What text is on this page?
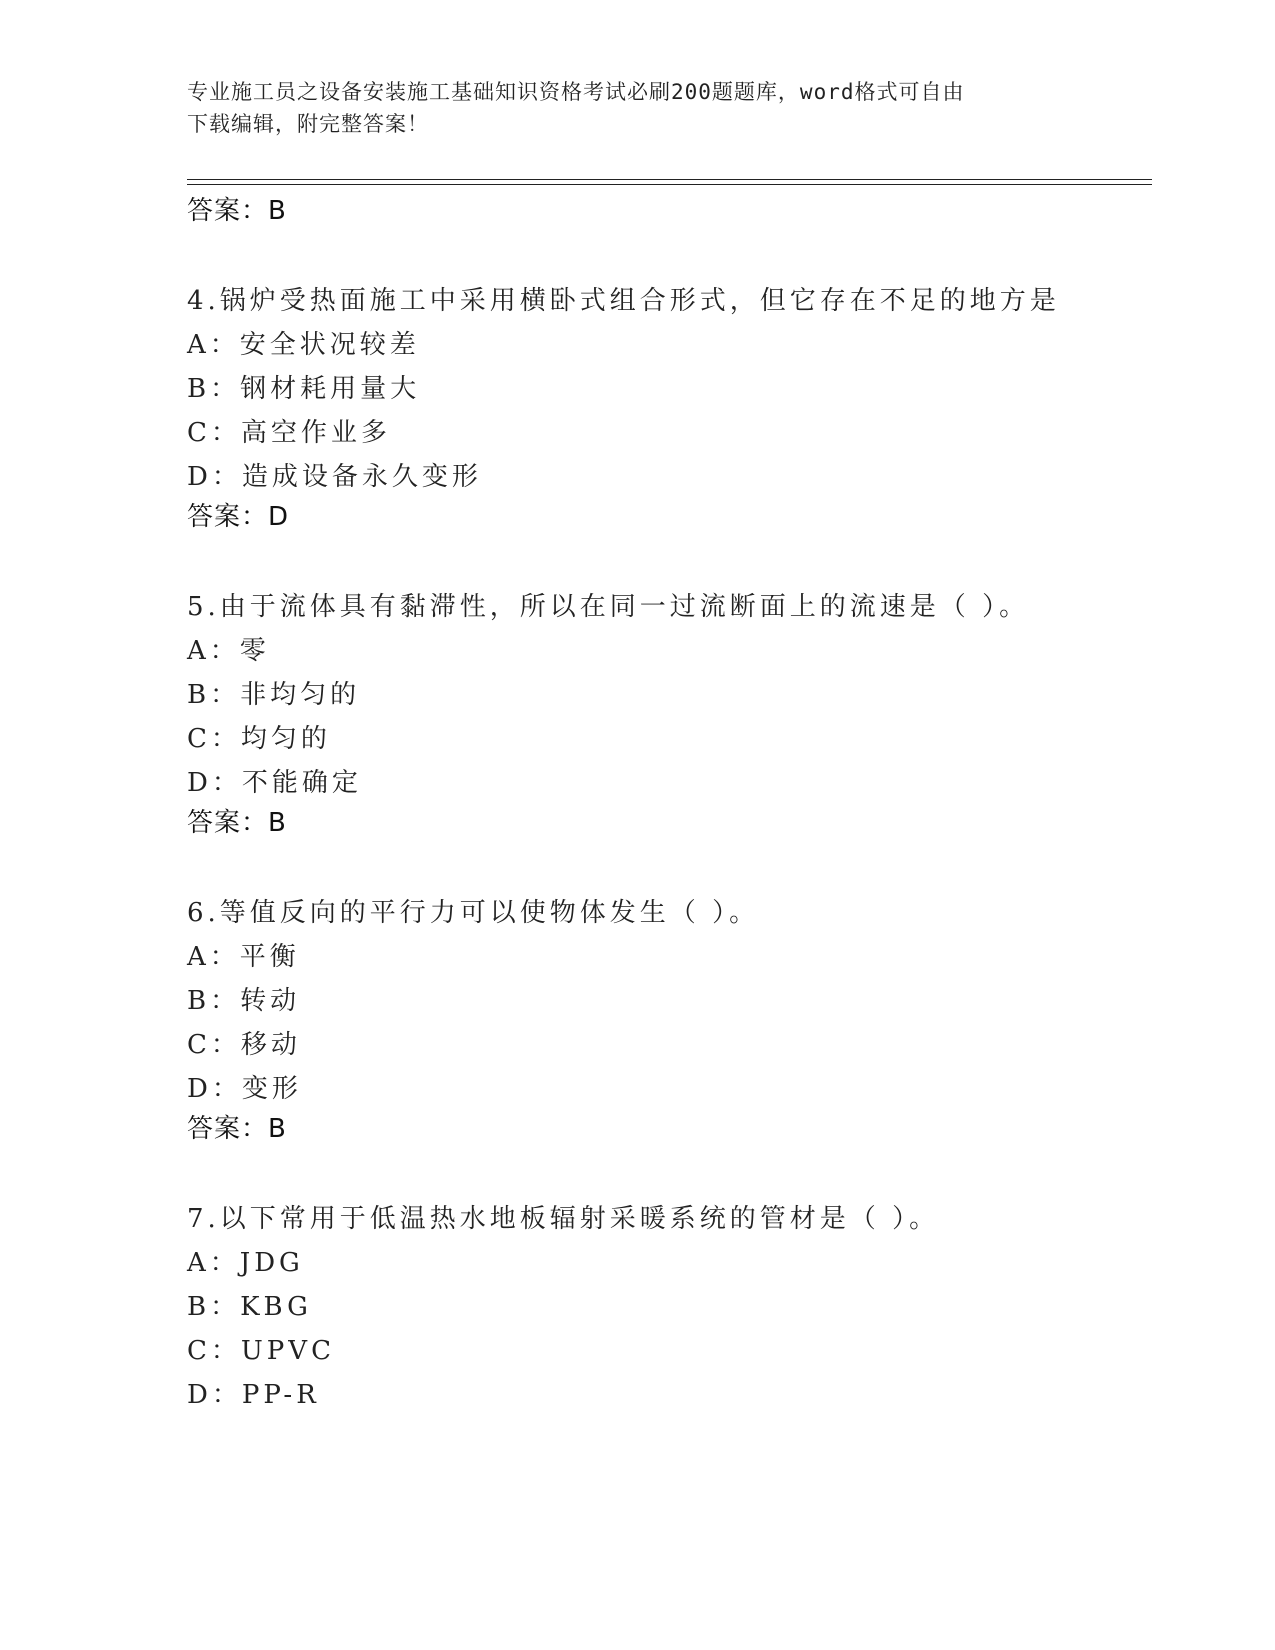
专业施工员之设备安装施工基础知识资格考试必刷200题题库，word格式可自由
下载编辑，附完整答案！
答案：B
4.锅炉受热面施工中采用横卧式组合形式，但它存在不足的地方是
A：安全状况较差
B：钢材耗用量大
C：高空作业多
D：造成设备永久变形
答案：D
5.由于流体具有黏滞性，所以在同一过流断面上的流速是（ ）。
A：零
B：非均匀的
C：均匀的
D：不能确定
答案：B
6.等值反向的平行力可以使物体发生（ ）。
A：平衡
B：转动
C：移动
D：变形
答案：B
7.以下常用于低温热水地板辐射采暖系统的管材是（ ）。
A：JDG
B：KBG
C：UPVC
D：PP-R
